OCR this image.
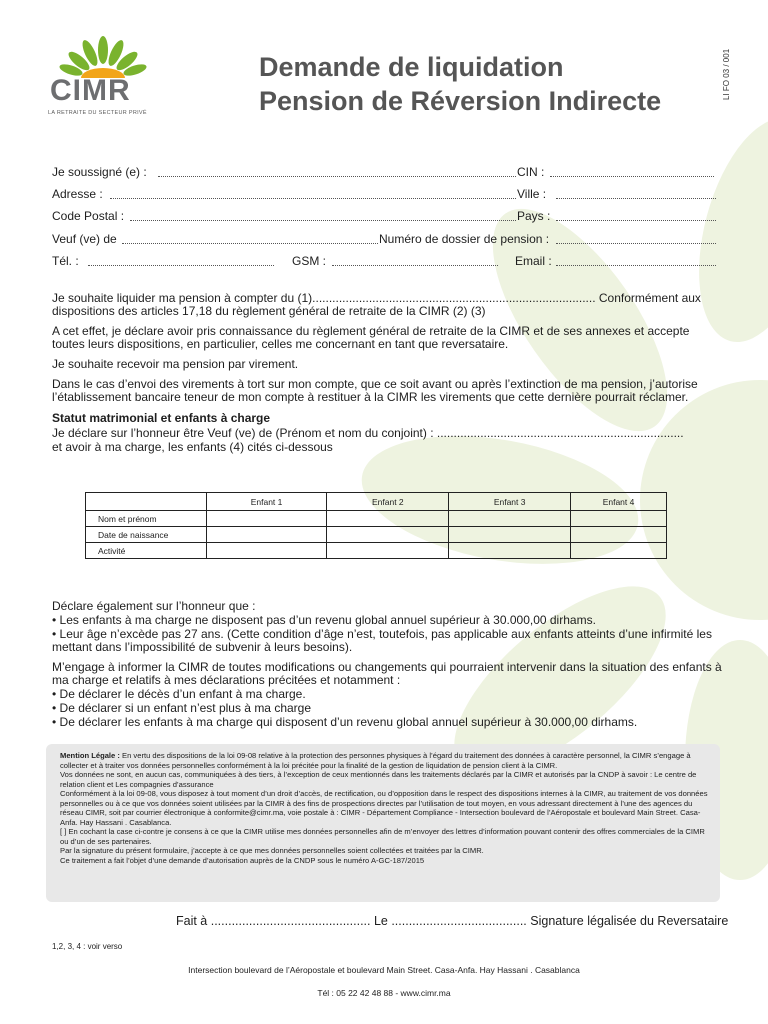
CIMR
LA RETRAITE DU SECTEUR PRIVÉ
Demande de liquidation
Pension de Réversion Indirecte
LI FO 03 / 001
Je soussigné (e) :	CIN :
Adresse :	Ville :
Code Postal :	Pays :
Veuf (ve) de	Numéro de dossier de pension :
Tél. :	GSM :	Email :
Je souhaite liquider ma pension à compter du (1)..................................................................................... Conformément aux dispositions des articles 17,18 du règlement général de retraite de la CIMR (2) (3)
A cet effet, je déclare avoir pris connaissance du règlement général de retraite de la CIMR et de ses annexes et accepte toutes leurs dispositions, en particulier, celles me concernant en tant que reversataire.
Je souhaite recevoir ma pension par virement.
Dans le cas d’envoi des virements à tort sur mon compte, que ce soit avant ou après l’extinction de ma pension, j’autorise l’établissement bancaire teneur de mon compte à restituer à la CIMR les virements que cette dernière pourrait réclamer.
Statut matrimonial et enfants à charge
Je déclare sur l’honneur être Veuf (ve) de (Prénom et nom du conjoint) : ..........................................................................
et avoir à ma charge, les enfants (4) cités ci-dessous
	Enfant 1	Enfant 2	Enfant 3	Enfant 4
Nom et prénom				
Date de naissance				
Activité				
Déclare également sur l’honneur que :
• Les enfants à ma charge ne disposent pas d’un revenu global annuel supérieur à 30.000,00 dirhams.
• Leur âge n’excède pas 27 ans. (Cette condition d’âge n’est, toutefois, pas applicable aux enfants atteints d’une infirmité les mettant dans l’impossibilité de subvenir à leurs besoins).
M’engage à informer la CIMR de toutes modifications ou changements qui pourraient intervenir dans la situation des enfants à ma charge et relatifs à mes déclarations précitées et notamment :
• De déclarer le décès d’un enfant à ma charge.
• De déclarer si un enfant n’est plus à ma charge
• De déclarer les enfants à ma charge qui disposent d’un revenu global annuel supérieur à 30.000,00 dirhams.

Mention Légale : En vertu des dispositions de la loi 09-08 relative à la protection des personnes physiques à l’égard du traitement des données à caractère personnel, la CIMR s’engage à collecter et à traiter vos données personnelles conformément à la loi précitée pour la finalité de la gestion de liquidation de pension client à la CIMR.

Vos données ne sont, en aucun cas, communiquées à des tiers, à l’exception de ceux mentionnés dans les traitements déclarés par la CIMR et autorisés par la CNDP à savoir : Le centre de relation client et Les compagnies d’assurance

Conformément à la loi 09-08, vous disposez à tout moment d’un droit d’accès, de rectification, ou d’opposition dans le respect des dispositions internes à la CIMR, au traitement de vos données personnelles ou à ce que vos données soient utilisées par la CIMR à des fins de prospections directes par l’utilisation de tout moyen, en vous adressant directement à l’une des agences du réseau CIMR, soit par courrier électronique à conformite@cimr.ma, voie postale à : CIMR - Département Compliance - Intersection boulevard de l’Aéropostale et boulevard Main Street. Casa-Anfa. Hay Hassani . Casablanca.

[ ] En cochant la case ci-contre je consens à ce que la CIMR utilise mes données personnelles afin de m’envoyer des lettres d’information pouvant contenir des offres commerciales de la CIMR ou d’un de ses partenaires.

Par la signature du présent formulaire, j’accepte à ce que mes données personnelles soient collectées et traitées par la CIMR.

Ce traitement a fait l’objet d’une demande d’autorisation auprès de la CNDP sous le numéro A-GC-187/2015

Fait à .............................................. Le ....................................... Signature légalisée du Reversataire
1,2, 3, 4 : voir verso
Intersection boulevard de l’Aéropostale et boulevard Main Street. Casa-Anfa. Hay Hassani . Casablanca
Tél : 05 22 42 48 88 - www.cimr.ma
